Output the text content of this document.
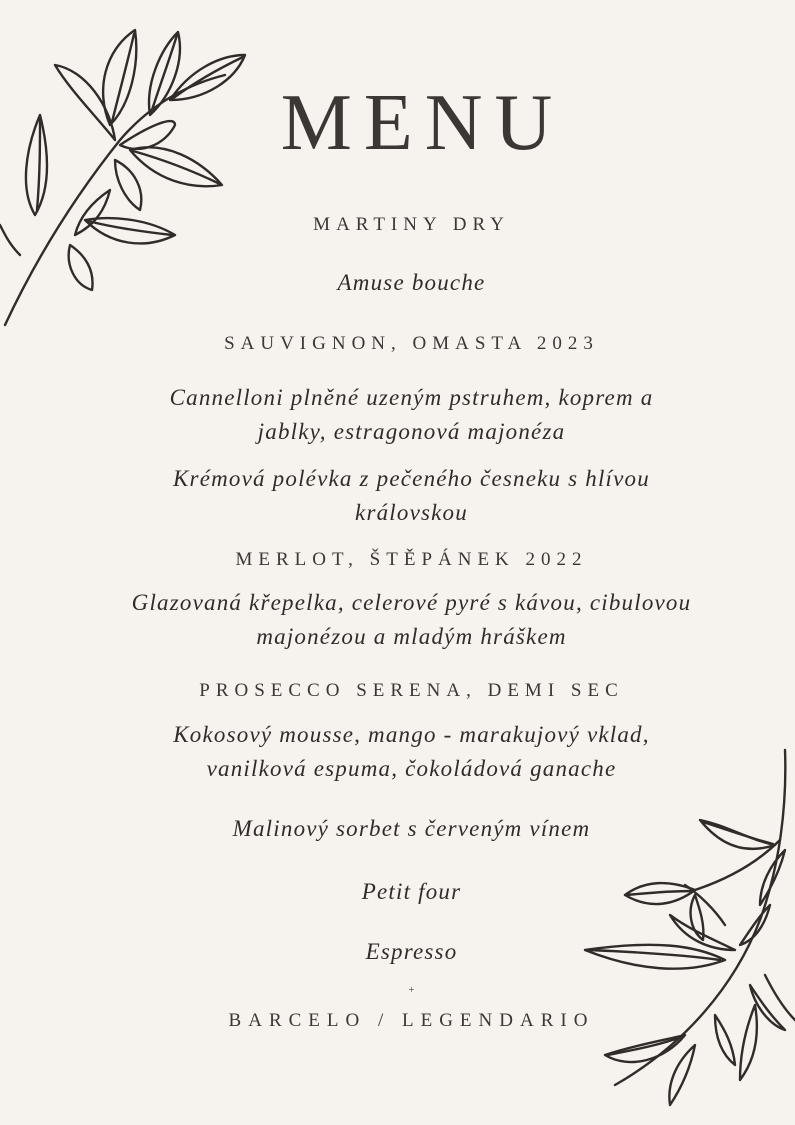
MENU
MARTINY DRY
Amuse bouche
SAUVIGNON, OMASTA 2023
Cannelloni plněné uzeným pstruhem, koprem a
jablky, estragonová majonéza
Krémová polévka z pečeného česneku s hlívou
královskou
MERLOT, ŠTĚPÁNEK 2022
Glazovaná křepelka, celerové pyré s kávou, cibulovou
majonézou a mladým hráškem
PROSECCO SERENA, DEMI SEC
Kokosový mousse, mango - marakujový vklad,
vanilková espuma, čokoládová ganache
Malinový sorbet s červeným vínem
Petit four
Espresso
+
BARCELO / LEGENDARIO
